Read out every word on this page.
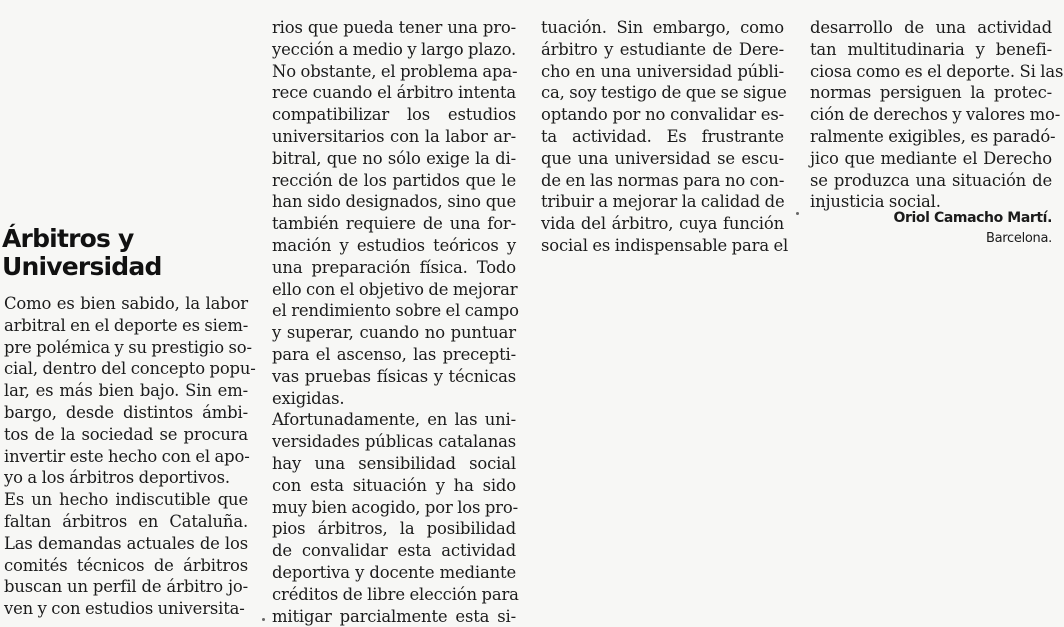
Árbitros y
Universidad
Como es bien sabido, la labor
arbitral en el deporte es siem-
pre polémica y su prestigio so-
cial, dentro del concepto popu-
lar, es más bien bajo. Sin em-
bargo, desde distintos ámbi-
tos de la sociedad se procura
invertir este hecho con el apo-
yo a los árbitros deportivos.
Es un hecho indiscutible que
faltan árbitros en Cataluña.
Las demandas actuales de los
comités técnicos de árbitros
buscan un perfil de árbitro jo-
ven y con estudios universita-
rios que pueda tener una pro-
yección a medio y largo plazo.
No obstante, el problema apa-
rece cuando el árbitro intenta
compatibilizar los estudios
universitarios con la labor ar-
bitral, que no sólo exige la di-
rección de los partidos que le
han sido designados, sino que
también requiere de una for-
mación y estudios teóricos y
una preparación física. Todo
ello con el objetivo de mejorar
el rendimiento sobre el campo
y superar, cuando no puntuar
para el ascenso, las precepti-
vas pruebas físicas y técnicas
exigidas.
Afortunadamente, en las uni-
versidades públicas catalanas
hay una sensibilidad social
con esta situación y ha sido
muy bien acogido, por los pro-
pios árbitros, la posibilidad
de convalidar esta actividad
deportiva y docente mediante
créditos de libre elección para
mitigar parcialmente esta si-
tuación. Sin embargo, como
árbitro y estudiante de Dere-
cho en una universidad públi-
ca, soy testigo de que se sigue
optando por no convalidar es-
ta actividad. Es frustrante
que una universidad se escu-
de en las normas para no con-
tribuir a mejorar la calidad de
vida del árbitro, cuya función
social es indispensable para el
desarrollo de una actividad
tan multitudinaria y benefi-
ciosa como es el deporte. Si las
normas persiguen la protec-
ción de derechos y valores mo-
ralmente exigibles, es paradó-
jico que mediante el Derecho
se produzca una situación de
injusticia social.
Oriol Camacho Martí.
Barcelona.
